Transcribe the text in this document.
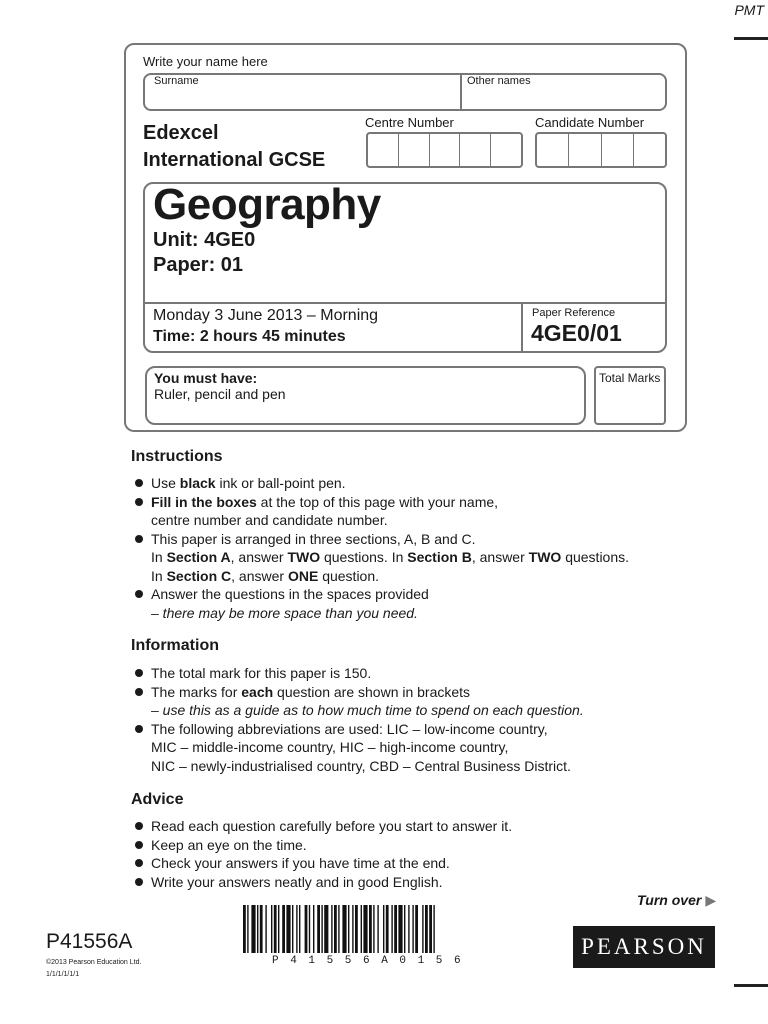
PMT
Write your name here
Surname	Other names
Edexcel
International GCSE
Centre Number	Candidate Number
Geography
Unit: 4GE0
Paper: 01
Monday 3 June 2013 – Morning
Time: 2 hours 45 minutes
Paper Reference
4GE0/01
You must have:
Ruler, pencil and pen
Total Marks
Instructions
Use black ink or ball-point pen.
Fill in the boxes at the top of this page with your name,
centre number and candidate number.
This paper is arranged in three sections, A, B and C.
In Section A, answer TWO questions. In Section B, answer TWO questions.
In Section C, answer ONE question.
Answer the questions in the spaces provided
– there may be more space than you need.
Information
The total mark for this paper is 150.
The marks for each question are shown in brackets
– use this as a guide as to how much time to spend on each question.
The following abbreviations are used: LIC – low-income country,
MIC – middle-income country, HIC – high-income country,
NIC – newly-industrialised country, CBD – Central Business District.
Advice
Read each question carefully before you start to answer it.
Keep an eye on the time.
Check your answers if you have time at the end.
Write your answers neatly and in good English.
Turn over ▶
P41556A
©2013 Pearson Education Ltd.
1/1/1/1/1/1
P41556A0156
PEARSON
